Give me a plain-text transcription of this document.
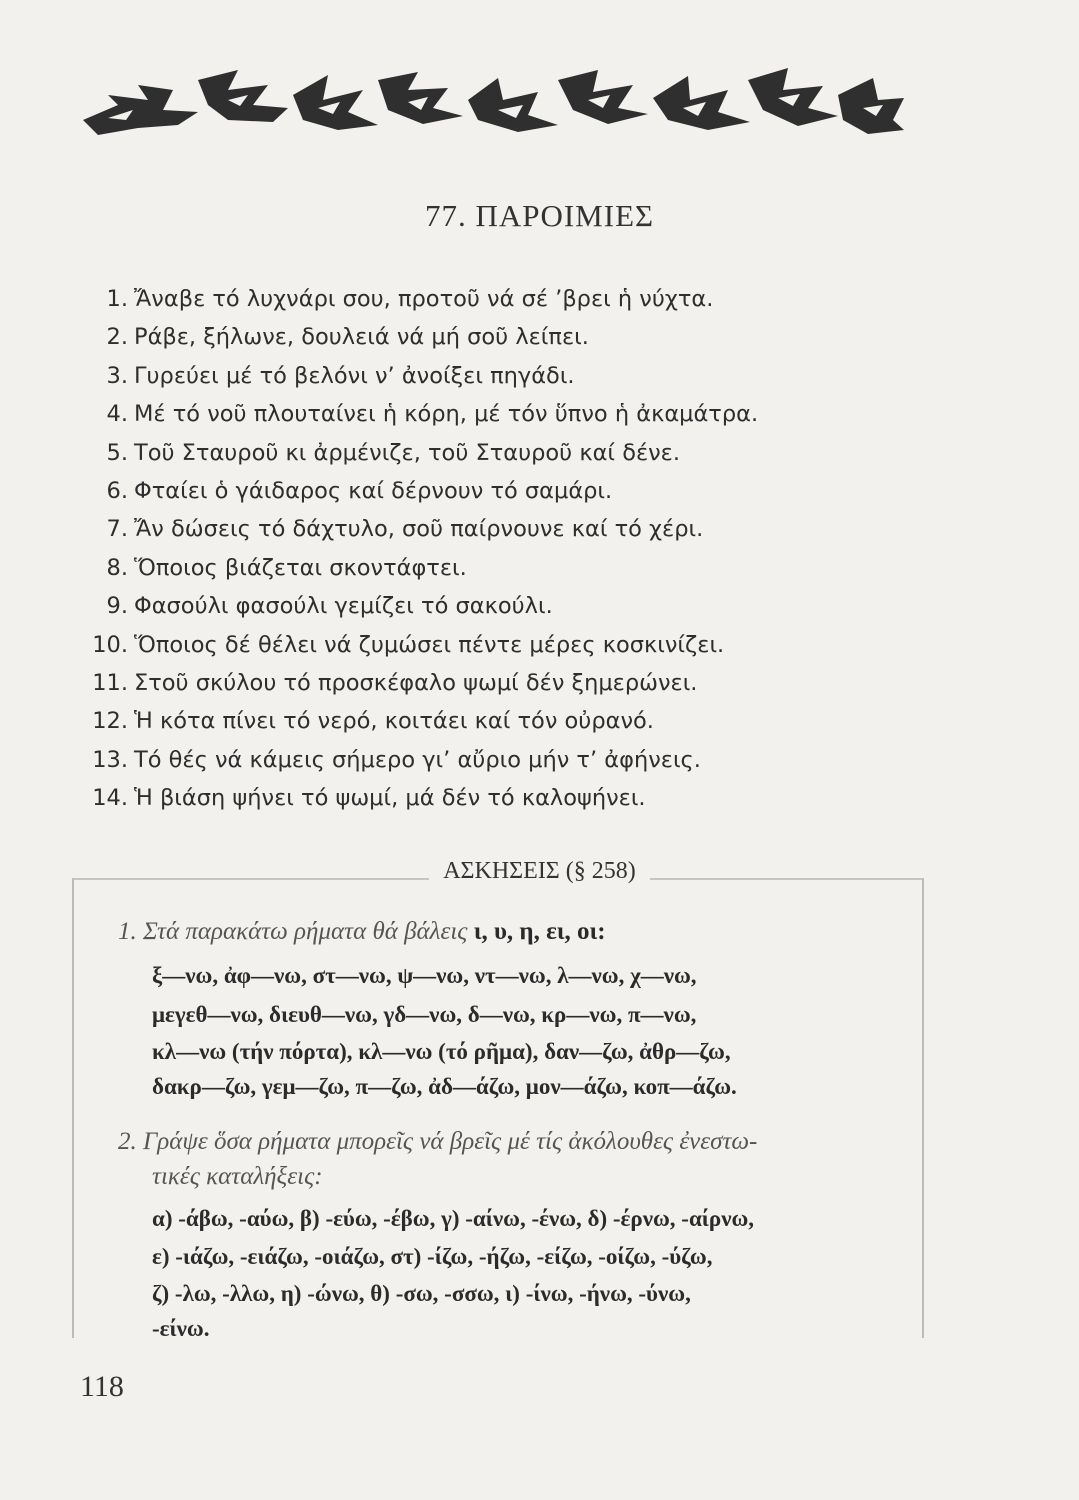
77. ΠΑΡΟΙΜΙΕΣ
1. Ἄναβε τό λυχνάρι σου, προτοῦ νά σέ ’βρει ἡ νύχτα.
2. Ράβε, ξήλωνε, δουλειά νά μή σοῦ λείπει.
3. Γυρεύει μέ τό βελόνι ν’ ἀνοίξει πηγάδι.
4. Μέ τό νοῦ πλουταίνει ἡ κόρη, μέ τόν ὕπνο ἡ ἀκαμάτρα.
5. Τοῦ Σταυροῦ κι ἀρμένιζε, τοῦ Σταυροῦ καί δένε.
6. Φταίει ὁ γάιδαρος καί δέρνουν τό σαμάρι.
7. Ἄν δώσεις τό δάχτυλο, σοῦ παίρνουνε καί τό χέρι.
8. Ὅποιος βιάζεται σκοντάφτει.
9. Φασούλι φασούλι γεμίζει τό σακούλι.
10. Ὅποιος δέ θέλει νά ζυμώσει πέντε μέρες κοσκινίζει.
11. Στοῦ σκύλου τό προσκέφαλο ψωμί δέν ξημερώνει.
12. Ἡ κότα πίνει τό νερό, κοιτάει καί τόν οὐρανό.
13. Τό θές νά κάμεις σήμερο γι’ αὔριο μήν τ’ ἀφήνεις.
14. Ἡ βιάση ψήνει τό ψωμί, μά δέν τό καλοψήνει.
ΑΣΚΗΣΕΙΣ (§ 258)
1. Στά παρακάτω ρήματα θά βάλεις ι, υ, η, ει, οι:
ξ—νω, ἀφ—νω, στ—νω, ψ—νω, ντ—νω, λ—νω, χ—νω,
μεγεθ—νω, διευθ—νω, γδ—νω, δ—νω, κρ—νω, π—νω,
κλ—νω (τήν πόρτα), κλ—νω (τό ρῆμα), δαν—ζω, ἀθρ—ζω,
δακρ—ζω, γεμ—ζω, π—ζω, ἀδ—άζω, μον—άζω, κοπ—άζω.
2. Γράψε ὅσα ρήματα μπορεῖς νά βρεῖς μέ τίς ἀκόλουθες ἐνεστω-
τικές καταλήξεις:
α) -άβω, -αύω, β) -εύω, -έβω, γ) -αίνω, -ένω, δ) -έρνω, -αίρνω,
ε) -ιάζω, -ειάζω, -οιάζω, στ) -ίζω, -ήζω, -είζω, -οίζω, -ύζω,
ζ) -λω, -λλω, η) -ώνω, θ) -σω, -σσω, ι) -ίνω, -ήνω, -ύνω,
-είνω.
118
